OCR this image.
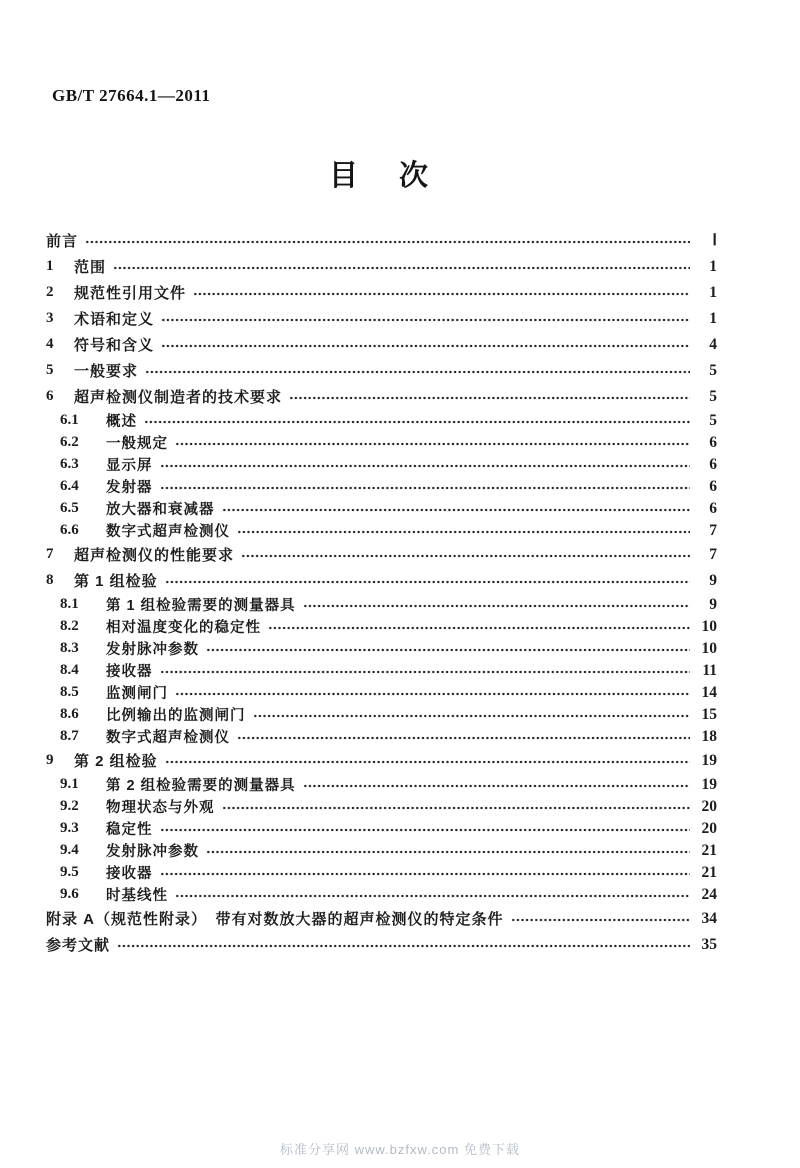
GB/T 27664.1—2011
目　次
前言	Ⅰ
1	范围	1
2	规范性引用文件	1
3	术语和定义	1
4	符号和含义	4
5	一般要求	5
6	超声检测仪制造者的技术要求	5
6.1	概述	5
6.2	一般规定	6
6.3	显示屏	6
6.4	发射器	6
6.5	放大器和衰减器	6
6.6	数字式超声检测仪	7
7	超声检测仪的性能要求	7
8	第 1 组检验	9
8.1	第 1 组检验需要的测量器具	9
8.2	相对温度变化的稳定性	10
8.3	发射脉冲参数	10
8.4	接收器	11
8.5	监测闸门	14
8.6	比例输出的监测闸门	15
8.7	数字式超声检测仪	18
9	第 2 组检验	19
9.1	第 2 组检验需要的测量器具	19
9.2	物理状态与外观	20
9.3	稳定性	20
9.4	发射脉冲参数	21
9.5	接收器	21
9.6	时基线性	24
附录 A（规范性附录）　带有对数放大器的超声检测仪的特定条件	34
参考文献	35
标准分享网 www.bzfxw.com 免费下载
